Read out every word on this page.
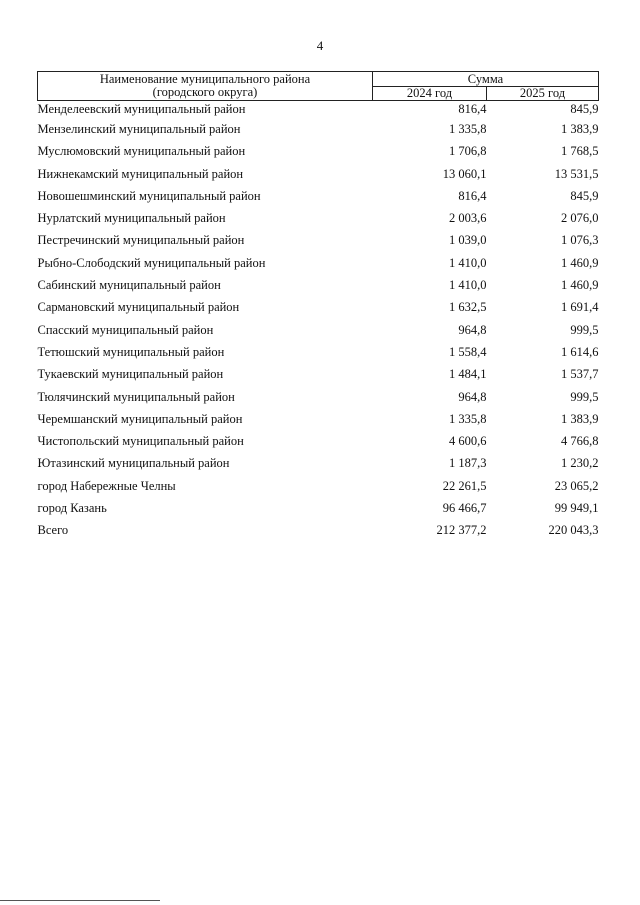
4
Наименование муниципального района
(городского округа)	Сумма	
	2024 год	2025 год
Менделеевский муниципальный район	816,4	845,9
Мензелинский муниципальный район	1 335,8	1 383,9
Муслюмовский муниципальный район	1 706,8	1 768,5
Нижнекамский муниципальный район	13 060,1	13 531,5
Новошешминский муниципальный район	816,4	845,9
Нурлатский муниципальный район	2 003,6	2 076,0
Пестречинский муниципальный район	1 039,0	1 076,3
Рыбно-Слободский муниципальный район	1 410,0	1 460,9
Сабинский муниципальный район	1 410,0	1 460,9
Сармановский муниципальный район	1 632,5	1 691,4
Спасский муниципальный район	964,8	999,5
Тетюшский муниципальный район	1 558,4	1 614,6
Тукаевский муниципальный район	1 484,1	1 537,7
Тюлячинский муниципальный район	964,8	999,5
Черемшанский муниципальный район	1 335,8	1 383,9
Чистопольский муниципальный район	4 600,6	4 766,8
Ютазинский муниципальный район	1 187,3	1 230,2
город Набережные Челны	22 261,5	23 065,2
город Казань	96 466,7	99 949,1
Всего	212 377,2	220 043,3
